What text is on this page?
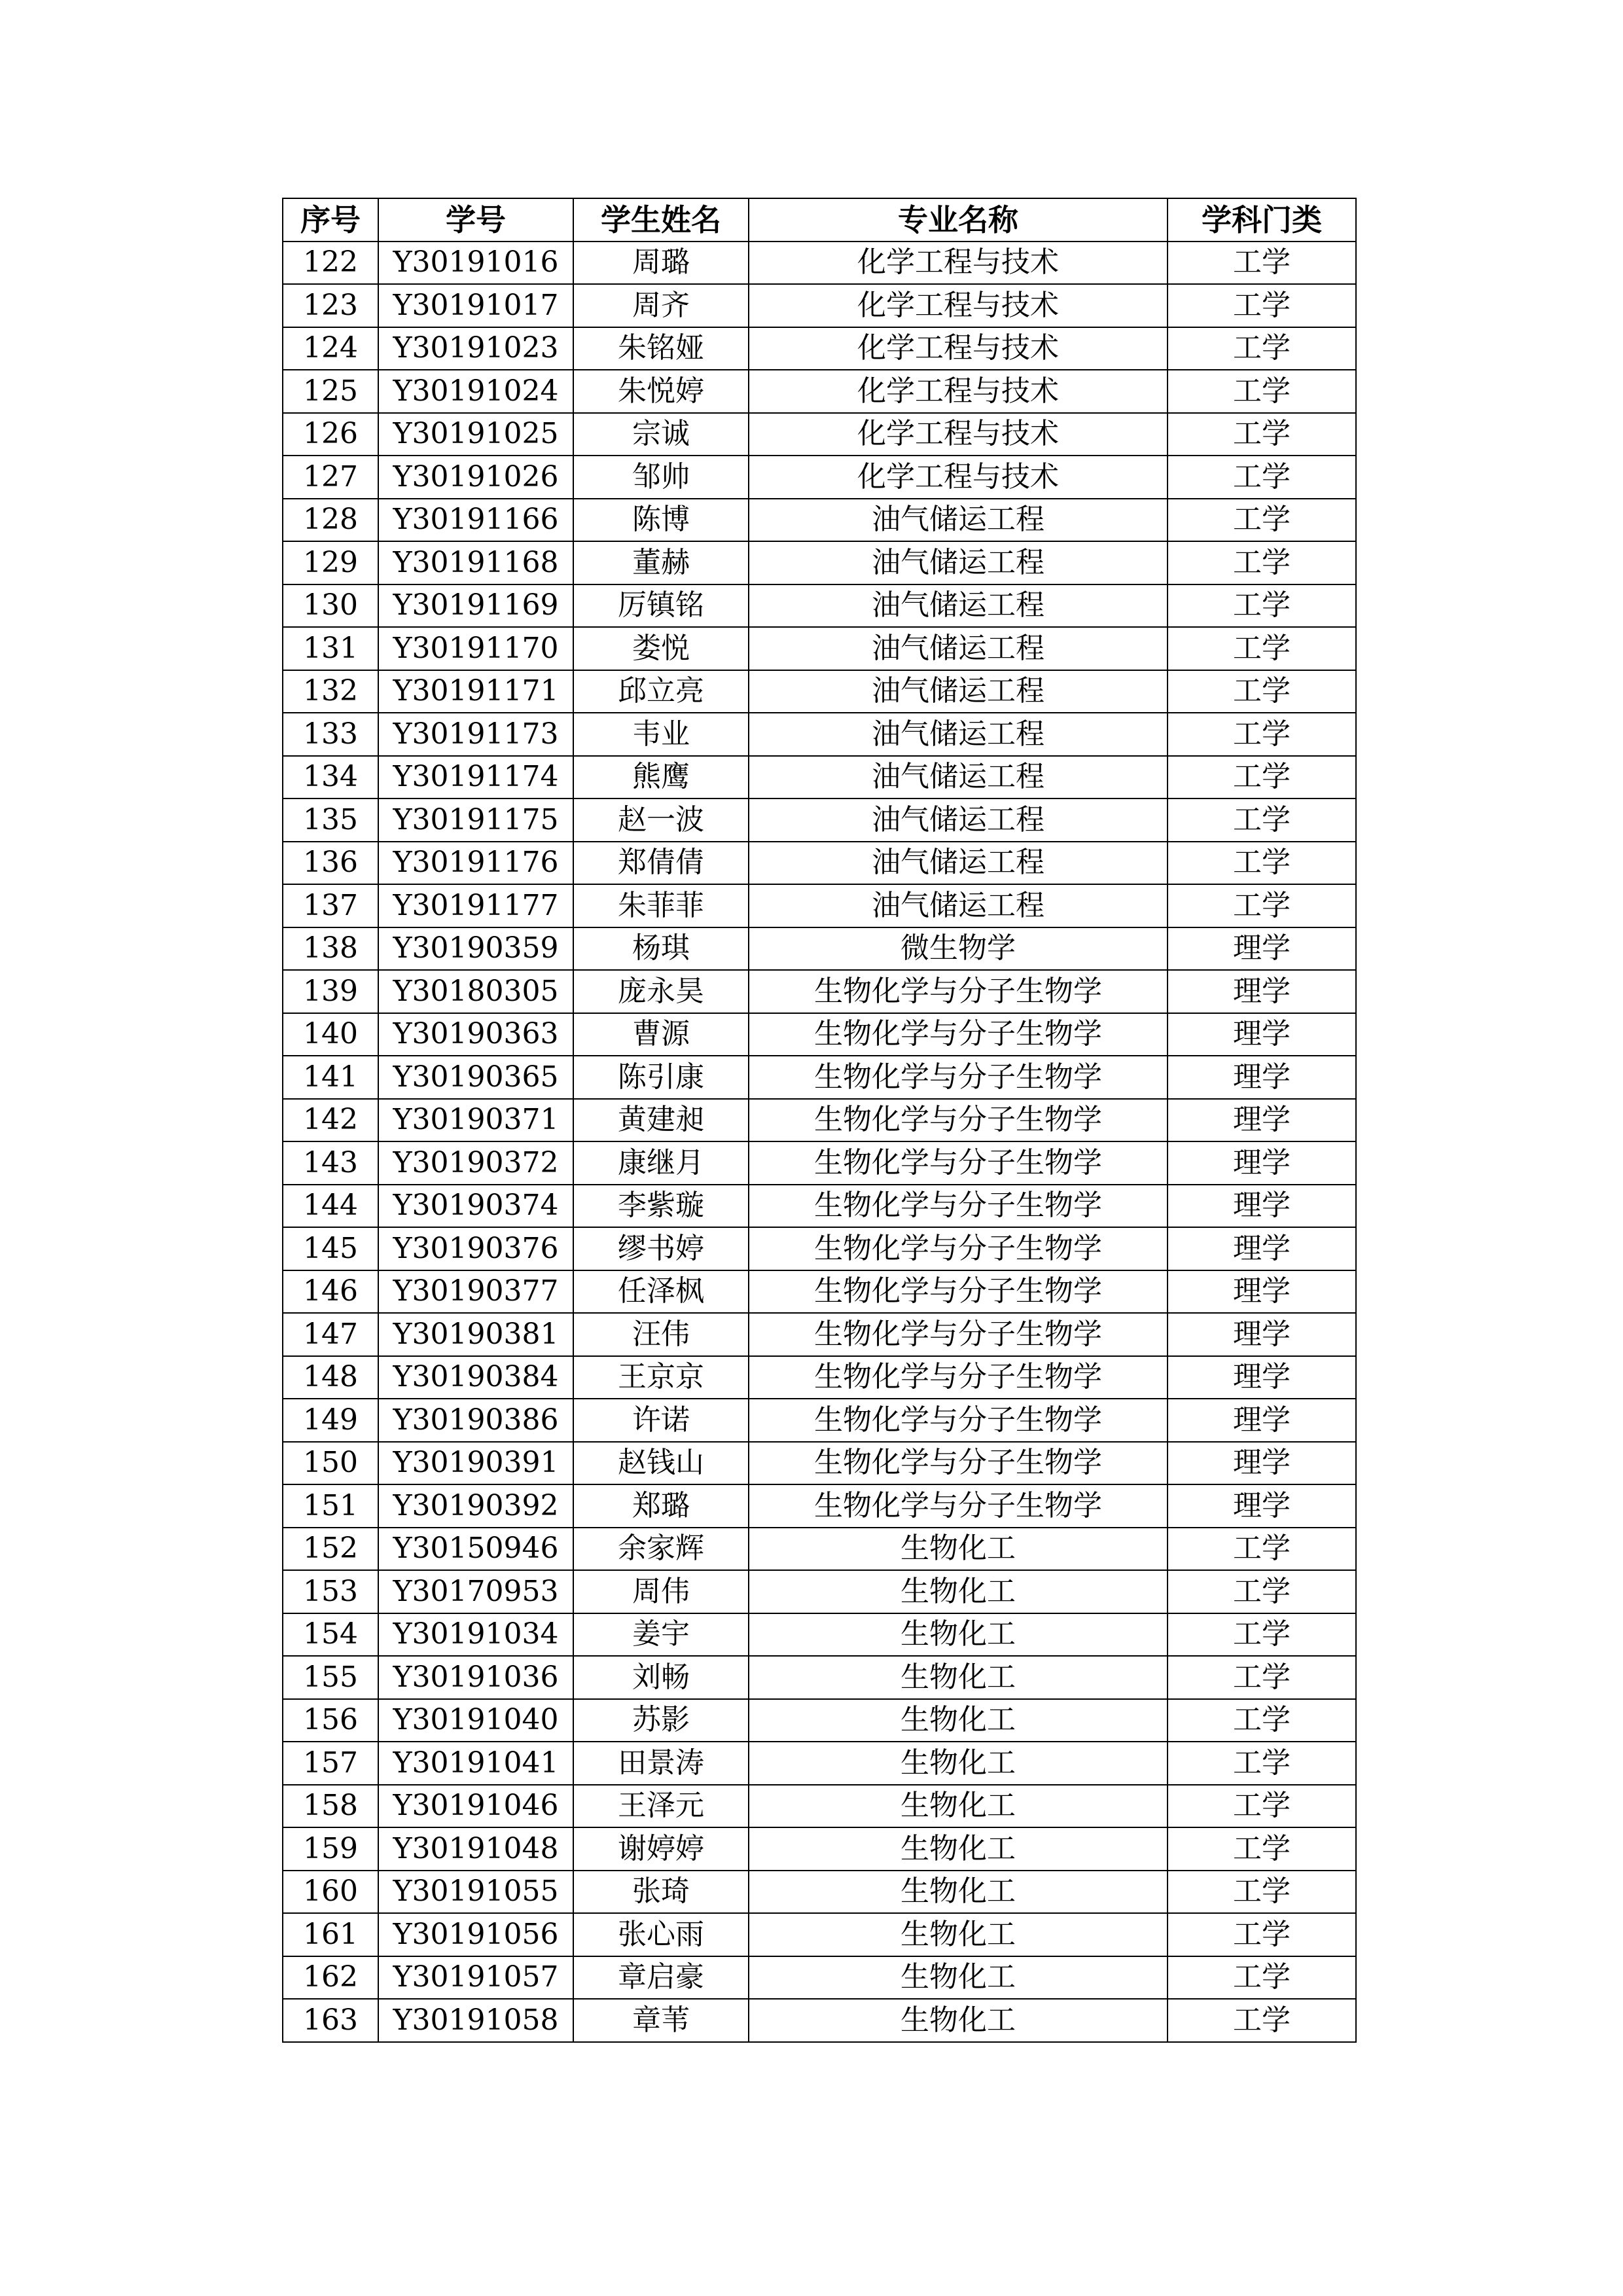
序号	学号	学生姓名	专业名称	学科门类
122	Y30191016	周璐	化学工程与技术	工学
123	Y30191017	周齐	化学工程与技术	工学
124	Y30191023	朱铭娅	化学工程与技术	工学
125	Y30191024	朱悦婷	化学工程与技术	工学
126	Y30191025	宗诚	化学工程与技术	工学
127	Y30191026	邹帅	化学工程与技术	工学
128	Y30191166	陈博	油气储运工程	工学
129	Y30191168	董赫	油气储运工程	工学
130	Y30191169	厉镇铭	油气储运工程	工学
131	Y30191170	娄悦	油气储运工程	工学
132	Y30191171	邱立亮	油气储运工程	工学
133	Y30191173	韦业	油气储运工程	工学
134	Y30191174	熊鹰	油气储运工程	工学
135	Y30191175	赵一波	油气储运工程	工学
136	Y30191176	郑倩倩	油气储运工程	工学
137	Y30191177	朱菲菲	油气储运工程	工学
138	Y30190359	杨琪	微生物学	理学
139	Y30180305	庞永昊	生物化学与分子生物学	理学
140	Y30190363	曹源	生物化学与分子生物学	理学
141	Y30190365	陈引康	生物化学与分子生物学	理学
142	Y30190371	黄建昶	生物化学与分子生物学	理学
143	Y30190372	康继月	生物化学与分子生物学	理学
144	Y30190374	李紫璇	生物化学与分子生物学	理学
145	Y30190376	缪书婷	生物化学与分子生物学	理学
146	Y30190377	任泽枫	生物化学与分子生物学	理学
147	Y30190381	汪伟	生物化学与分子生物学	理学
148	Y30190384	王京京	生物化学与分子生物学	理学
149	Y30190386	许诺	生物化学与分子生物学	理学
150	Y30190391	赵钱山	生物化学与分子生物学	理学
151	Y30190392	郑璐	生物化学与分子生物学	理学
152	Y30150946	余家辉	生物化工	工学
153	Y30170953	周伟	生物化工	工学
154	Y30191034	姜宇	生物化工	工学
155	Y30191036	刘畅	生物化工	工学
156	Y30191040	苏影	生物化工	工学
157	Y30191041	田景涛	生物化工	工学
158	Y30191046	王泽元	生物化工	工学
159	Y30191048	谢婷婷	生物化工	工学
160	Y30191055	张琦	生物化工	工学
161	Y30191056	张心雨	生物化工	工学
162	Y30191057	章启豪	生物化工	工学
163	Y30191058	章苇	生物化工	工学
